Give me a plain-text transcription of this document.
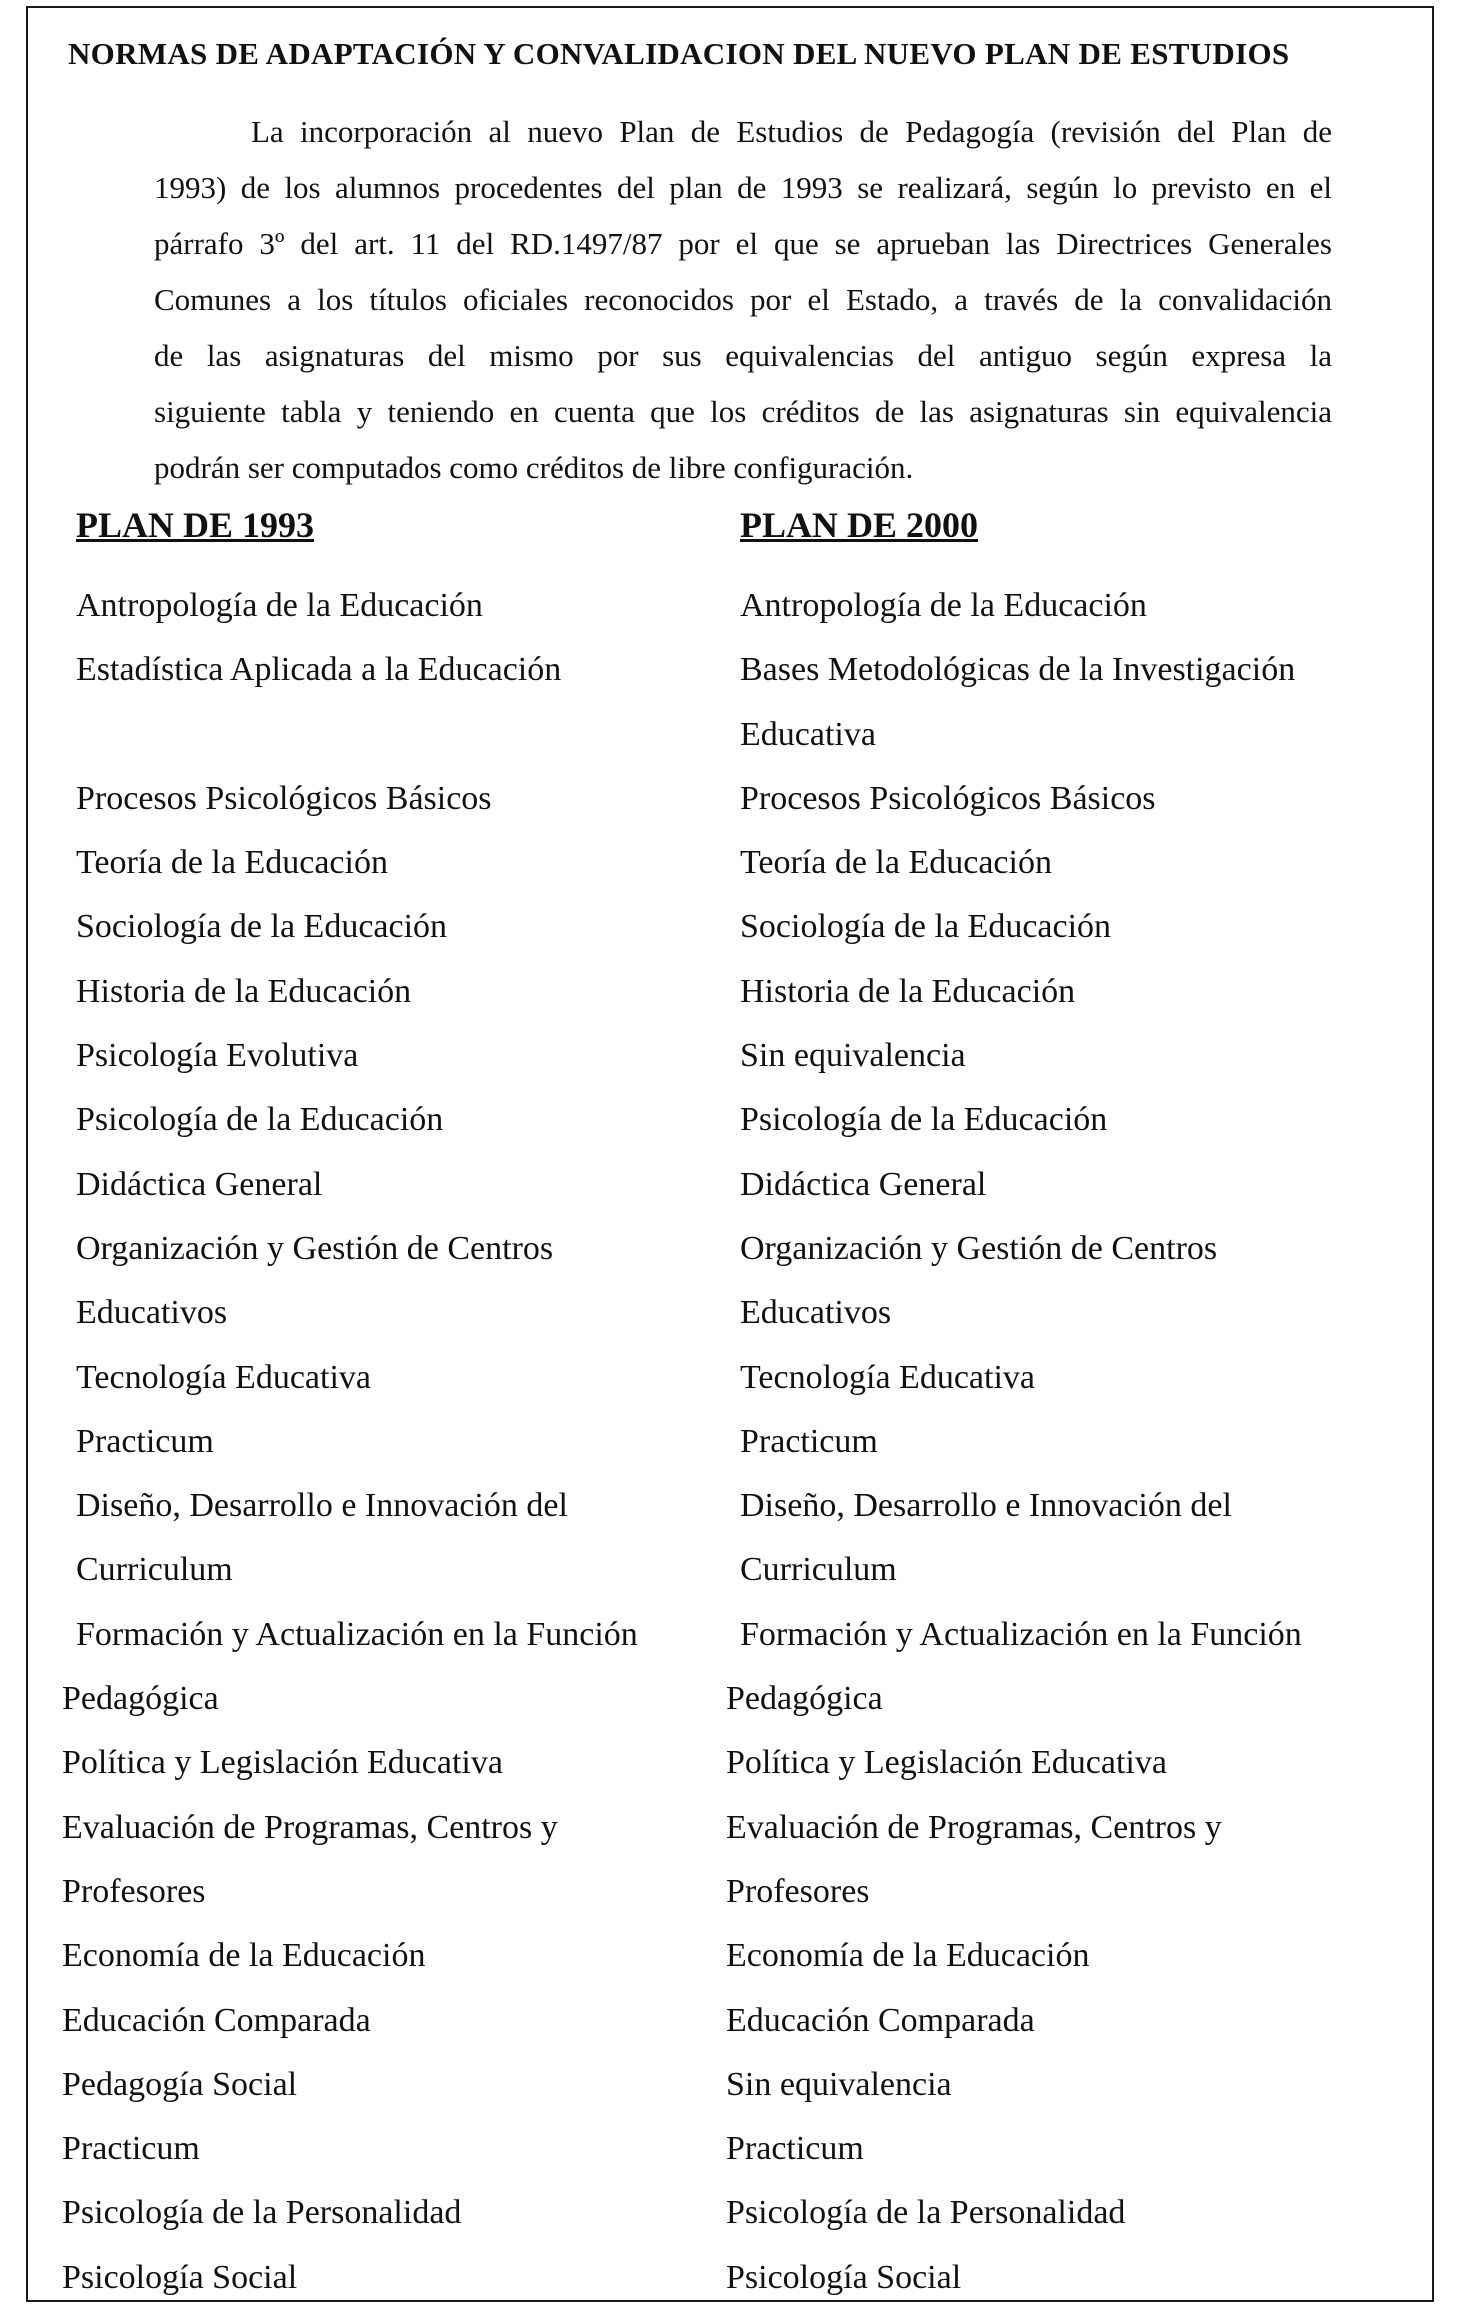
NORMAS DE ADAPTACIÓN Y CONVALIDACION DEL NUEVO PLAN DE ESTUDIOS

La incorporación al nuevo Plan de Estudios de Pedagogía (revisión del Plan de
1993) de los alumnos procedentes del plan de 1993 se realizará, según lo previsto en el
párrafo 3º del art. 11 del RD.1497/87 por el que se aprueban las Directrices Generales
Comunes a los títulos oficiales reconocidos por el Estado, a través de la convalidación
de las asignaturas del mismo por sus equivalencias del antiguo según expresa la
siguiente tabla y teniendo en cuenta que los créditos de las asignaturas sin equivalencia
podrán ser computados como créditos de libre configuración.

PLAN DE 1993	PLAN DE 2000
Antropología de la Educación
Estadística Aplicada a la Educación
Procesos Psicológicos Básicos
Teoría de la Educación
Sociología de la Educación
Historia de la Educación
Psicología Evolutiva
Psicología de la Educación
Didáctica General
Organización y Gestión de Centros
Educativos
Tecnología Educativa
Practicum
Diseño, Desarrollo e Innovación del
Curriculum
Formación y Actualización en la Función
Pedagógica
Política y Legislación Educativa
Evaluación de Programas, Centros y
Profesores
Economía de la Educación
Educación Comparada
Pedagogía Social
Practicum
Psicología de la Personalidad
Psicología Social
Antropología de la Educación
Bases Metodológicas de la Investigación
Educativa
Procesos Psicológicos Básicos
Teoría de la Educación
Sociología de la Educación
Historia de la Educación
Sin equivalencia
Psicología de la Educación
Didáctica General
Organización y Gestión de Centros
Educativos
Tecnología Educativa
Practicum
Diseño, Desarrollo e Innovación del
Curriculum
Formación y Actualización en la Función
Pedagógica
Política y Legislación Educativa
Evaluación de Programas, Centros y
Profesores
Economía de la Educación
Educación Comparada
Sin equivalencia
Practicum
Psicología de la Personalidad
Psicología Social
